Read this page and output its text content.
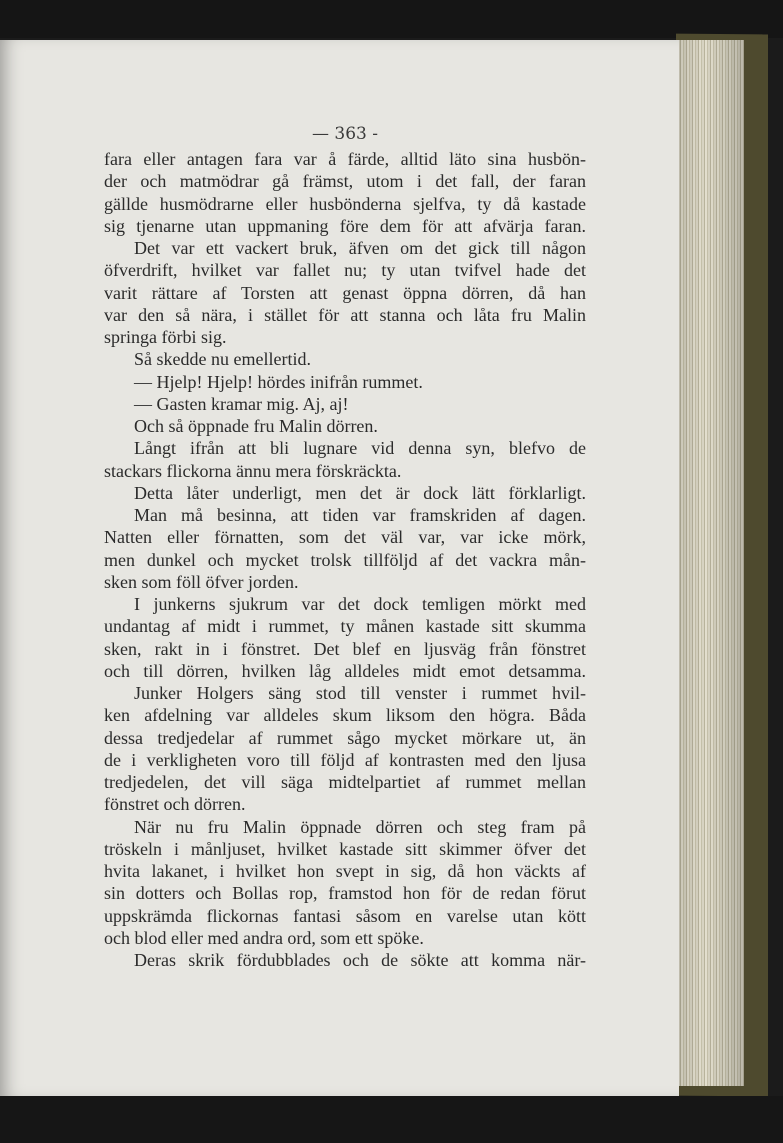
— 363 -
fara eller antagen fara var å färde, alltid läto sina husbön-
der och matmödrar gå främst, utom i det fall, der faran
gällde husmödrarne eller husbönderna sjelfva, ty då kastade
sig tjenarne utan uppmaning före dem för att afvärja faran.
Det var ett vackert bruk, äfven om det gick till någon
öfverdrift, hvilket var fallet nu; ty utan tvifvel hade det
varit rättare af Torsten att genast öppna dörren, då han
var den så nära, i stället för att stanna och låta fru Malin
springa förbi sig.
Så skedde nu emellertid.
— Hjelp! Hjelp! hördes inifrån rummet.
— Gasten kramar mig. Aj, aj!
Och så öppnade fru Malin dörren.
Långt ifrån att bli lugnare vid denna syn, blefvo de
stackars flickorna ännu mera förskräckta.
Detta låter underligt, men det är dock lätt förklarligt.
Man må besinna, att tiden var framskriden af dagen.
Natten eller förnatten, som det väl var, var icke mörk,
men dunkel och mycket trolsk tillföljd af det vackra mån-
sken som föll öfver jorden.
I junkerns sjukrum var det dock temligen mörkt med
undantag af midt i rummet, ty månen kastade sitt skumma
sken, rakt in i fönstret. Det blef en ljusväg från fönstret
och till dörren, hvilken låg alldeles midt emot detsamma.
Junker Holgers säng stod till venster i rummet hvil-
ken afdelning var alldeles skum liksom den högra. Båda
dessa tredjedelar af rummet sågo mycket mörkare ut, än
de i verkligheten voro till följd af kontrasten med den ljusa
tredjedelen, det vill säga midtelpartiet af rummet mellan
fönstret och dörren.
När nu fru Malin öppnade dörren och steg fram på
tröskeln i månljuset, hvilket kastade sitt skimmer öfver det
hvita lakanet, i hvilket hon svept in sig, då hon väckts af
sin dotters och Bollas rop, framstod hon för de redan förut
uppskrämda flickornas fantasi såsom en varelse utan kött
och blod eller med andra ord, som ett spöke.
Deras skrik fördubblades och de sökte att komma när-
